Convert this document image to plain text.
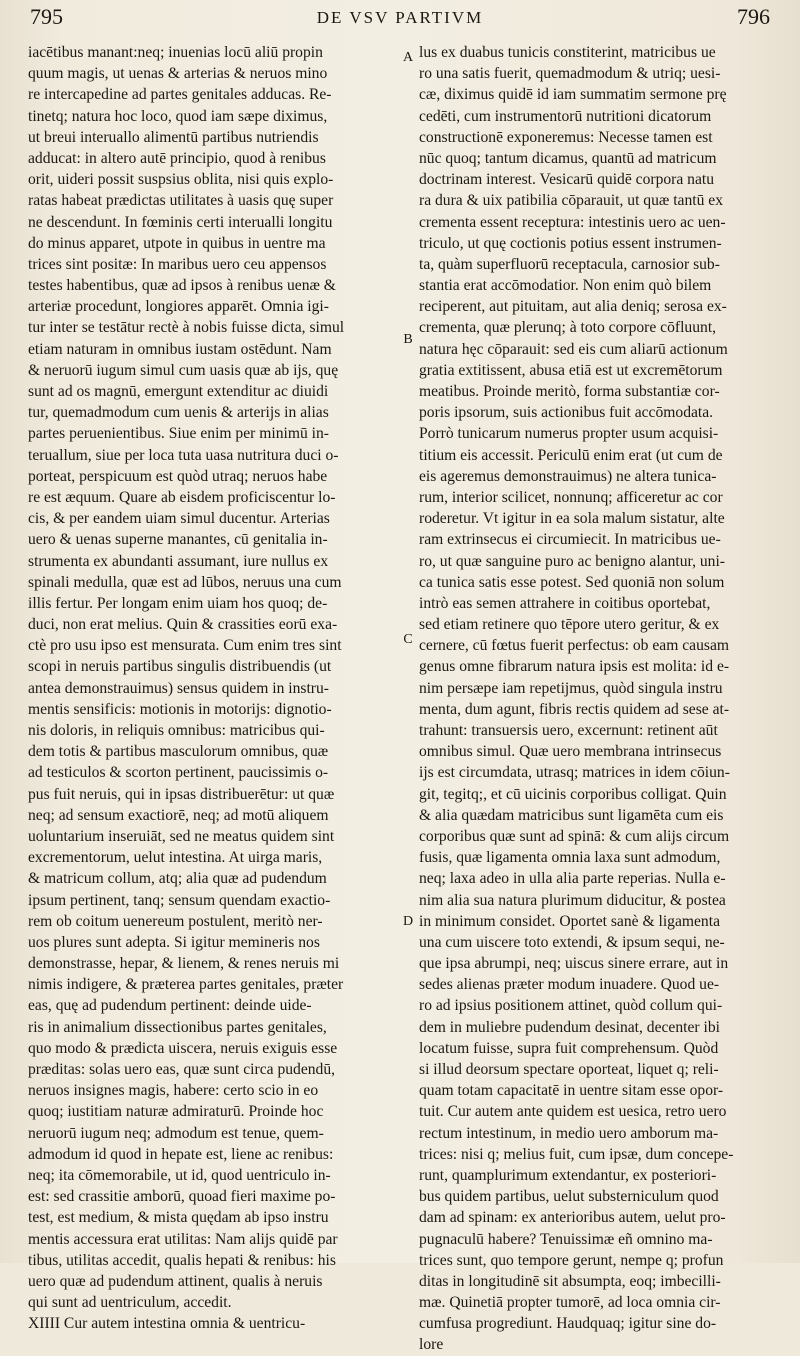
795	DE VSV PARTIVM	796
iacētibus manant:neq; inuenias locū aliū propin
quum magis, ut uenas & arterias & neruos mino
re intercapedine ad partes genitales adducas. Re-
tinetq; natura hoc loco, quod iam sæpe diximus,
ut breui interuallo alimentū partibus nutriendis
adducat: in altero autē principio, quod à renibus
orit, uideri possit suspsius oblita, nisi quis explo-
ratas habeat prædictas utilitates à uasis quę super
ne descendunt. In fœminis certi interualli longitu
do minus apparet, utpote in quibus in uentre ma
trices sint positæ: In maribus uero ceu appensos
testes habentibus, quæ ad ipsos à renibus uenæ &
arteriæ procedunt, longiores apparēt. Omnia igi-
tur inter se testātur rectè à nobis fuisse dicta, simul
etiam naturam in omnibus iustam ostēdunt. Nam
& neruorū iugum simul cum uasis quæ ab ijs, quę
sunt ad os magnū, emergunt extenditur ac diuidi
tur, quemadmodum cum uenis & arterijs in alias
partes peruenientibus. Siue enim per minimū in-
teruallum, siue per loca tuta uasa nutritura duci o-
porteat, perspicuum est quòd utraq; neruos habe
re est æquum. Quare ab eisdem proficiscentur lo-
cis, & per eandem uiam simul ducentur. Arterias
uero & uenas superne manantes, cū genitalia in-
strumenta ex abundanti assumant, iure nullus ex
spinali medulla, quæ est ad lūbos, neruus una cum
illis fertur. Per longam enim uiam hos quoq; de-
duci, non erat melius. Quin & crassities eorū exa-
ctè pro usu ipso est mensurata. Cum enim tres sint
scopi in neruis partibus singulis distribuendis (ut
antea demonstrauimus) sensus quidem in instru-
mentis sensificis: motionis in motorijs: dignotio-
nis doloris, in reliquis omnibus: matricibus qui-
dem totis & partibus masculorum omnibus, quæ
ad testiculos & scorton pertinent, paucissimis o-
pus fuit neruis, qui in ipsas distribuerētur: ut quæ
neq; ad sensum exactiorē, neq; ad motū aliquem
uoluntarium inseruiāt, sed ne meatus quidem sint
excrementorum, uelut intestina. At uirga maris,
& matricum collum, atq; alia quæ ad pudendum
ipsum pertinent, tanq; sensum quendam exactio-
rem ob coitum uenereum postulent, meritò ner-
uos plures sunt adepta. Si igitur memineris nos
demonstrasse, hepar, & lienem, & renes neruis mi
nimis indigere, & præterea partes genitales, præter
eas, quę ad pudendum pertinent: deinde uide-
ris in animalium dissectionibus partes genitales,
quo modo & prædicta uiscera, neruis exiguis esse
præditas: solas uero eas, quæ sunt circa pudendū,
neruos insignes magis, habere: certo scio in eo
quoq; iustitiam naturæ admiraturū. Proinde hoc
neruorū iugum neq; admodum est tenue, quem-
admodum id quod in hepate est, liene ac renibus:
neq; ita cōmemorabile, ut id, quod uentriculo in-
est: sed crassitie amborū, quoad fieri maxime po-
test, est medium, & mista quędam ab ipso instru
mentis accessura erat utilitas: Nam alijs quidē par
tibus, utilitas accedit, qualis hepati & renibus: his
uero quæ ad pudendum attinent, qualis à neruis
qui sunt ad uentriculum, accedit.
XIIII Cur autem intestina omnia & uentricu-
A
B
C
D
lus ex duabus tunicis constiterint, matricibus ue
ro una satis fuerit, quemadmodum & utriq; uesi-
cæ, diximus quidē id iam summatim sermone prę
cedēti, cum instrumentorū nutritioni dicatorum
constructionē exponeremus: Necesse tamen est
nūc quoq; tantum dicamus, quantū ad matricum
doctrinam interest. Vesicarū quidē corpora natu
ra dura & uix patibilia cōparauit, ut quæ tantū ex
crementa essent receptura: intestinis uero ac uen-
triculo, ut quę coctionis potius essent instrumen-
ta, quàm superfluorū receptacula, carnosior sub-
stantia erat accōmodatior. Non enim quò bilem
reciperent, aut pituitam, aut alia deniq; serosa ex-
crementa, quæ plerunq; à toto corpore cōfluunt,
natura hęc cōparauit: sed eis cum aliarū actionum
gratia extitissent, abusa etiā est ut excremētorum
meatibus. Proinde meritò, forma substantiæ cor-
poris ipsorum, suis actionibus fuit accōmodata.
Porrò tunicarum numerus propter usum acquisi-
titium eis accessit. Periculū enim erat (ut cum de
eis ageremus demonstrauimus) ne altera tunica-
rum, interior scilicet, nonnunq; afficeretur ac cor
roderetur. Vt igitur in ea sola malum sistatur, alte
ram extrinsecus ei circumiecit. In matricibus ue-
ro, ut quæ sanguine puro ac benigno alantur, uni-
ca tunica satis esse potest. Sed quoniā non solum
intrò eas semen attrahere in coitibus oportebat,
sed etiam retinere quo tēpore utero geritur, & ex
cernere, cū fœtus fuerit perfectus: ob eam causam
genus omne fibrarum natura ipsis est molita: id e-
nim persæpe iam repetijmus, quòd singula instru
menta, dum agunt, fibris rectis quidem ad sese at-
trahunt: transuersis uero, excernunt: retinent aūt
omnibus simul. Quæ uero membrana intrinsecus
ijs est circumdata, utrasq; matrices in idem cōiun-
git, tegitq;, et cū uicinis corporibus colligat. Quin
& alia quædam matricibus sunt ligamēta cum eis
corporibus quæ sunt ad spinā: & cum alijs circum
fusis, quæ ligamenta omnia laxa sunt admodum,
neq; laxa adeo in ulla alia parte reperias. Nulla e-
nim alia sua natura plurimum diducitur, & postea
in minimum considet. Oportet sanè & ligamenta
una cum uiscere toto extendi, & ipsum sequi, ne-
que ipsa abrumpi, neq; uiscus sinere errare, aut in
sedes alienas præter modum inuadere. Quod ue-
ro ad ipsius positionem attinet, quòd collum qui-
dem in muliebre pudendum desinat, decenter ibi
locatum fuisse, supra fuit comprehensum. Quòd
si illud deorsum spectare oporteat, liquet q; reli-
quam totam capacitatē in uentre sitam esse opor-
tuit. Cur autem ante quidem est uesica, retro uero
rectum intestinum, in medio uero amborum ma-
trices: nisi q; melius fuit, cum ipsæ, dum concepe-
runt, quamplurimum extendantur, ex posteriori-
bus quidem partibus, uelut substerniculum quod
dam ad spinam: ex anterioribus autem, uelut pro-
pugnaculū habere? Tenuissimæ eñ omnino ma-
trices sunt, quo tempore gerunt, nempe q; profun
ditas in longitudinē sit absumpta, eoq; imbecilli-
mæ. Quinetiā propter tumorē, ad loca omnia cir-
cumfusa progrediunt. Haudquaq; igitur sine do-
lore
